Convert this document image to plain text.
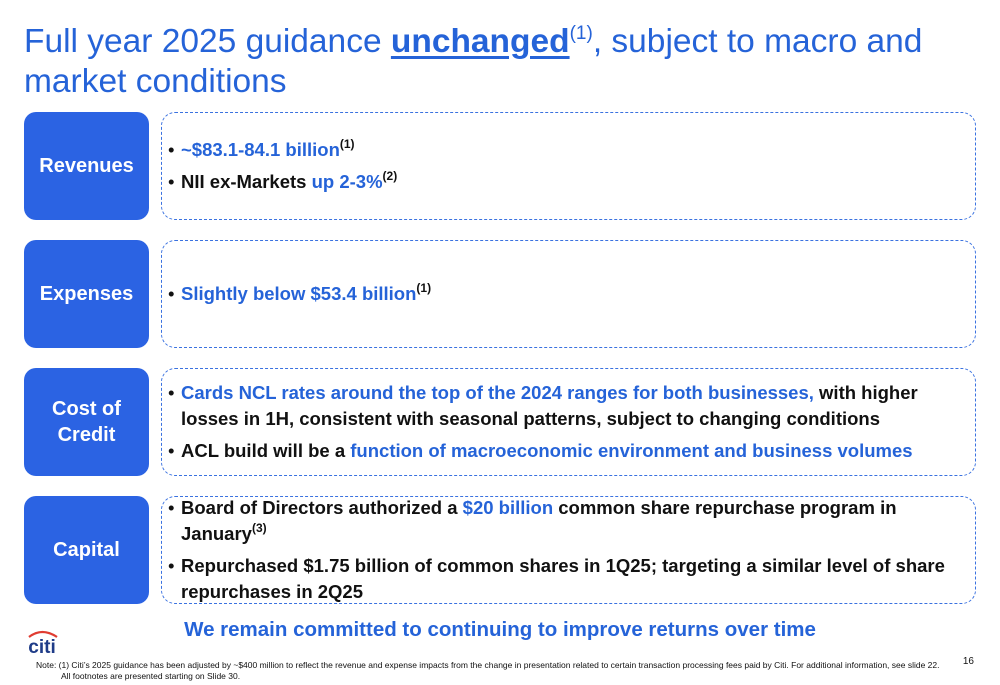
Full year 2025 guidance unchanged$^{(1)}$, subject to macro and market conditions
Revenues
• ~$83.1-84.1 billion$^{(1)}$
• NII ex-Markets up 2-3%$^{(2)}$
Expenses	• Slightly below $53.4 billion$^{(1)}$
Cost of Credit
• Cards NCL rates around the top of the 2024 ranges for both businesses, with higher losses in 1H, consistent with seasonal patterns, subject to changing conditions
• ACL build will be a function of macroeconomic environment and business volumes
Capital
• Board of Directors authorized a $20 billion common share repurchase program in January$^{(3)}$
• Repurchased $1.75 billion of common shares in 1Q25; targeting a similar level of share repurchases in 2Q25
We remain committed to continuing to improve returns over time
citi
Note: (1) Citi’s 2025 guidance has been adjusted by ~$400 million to reflect the revenue and expense impacts from the change in presentation related to certain transaction processing fees paid by Citi. For additional information, see slide 22.
All footnotes are presented starting on Slide 30.
16
